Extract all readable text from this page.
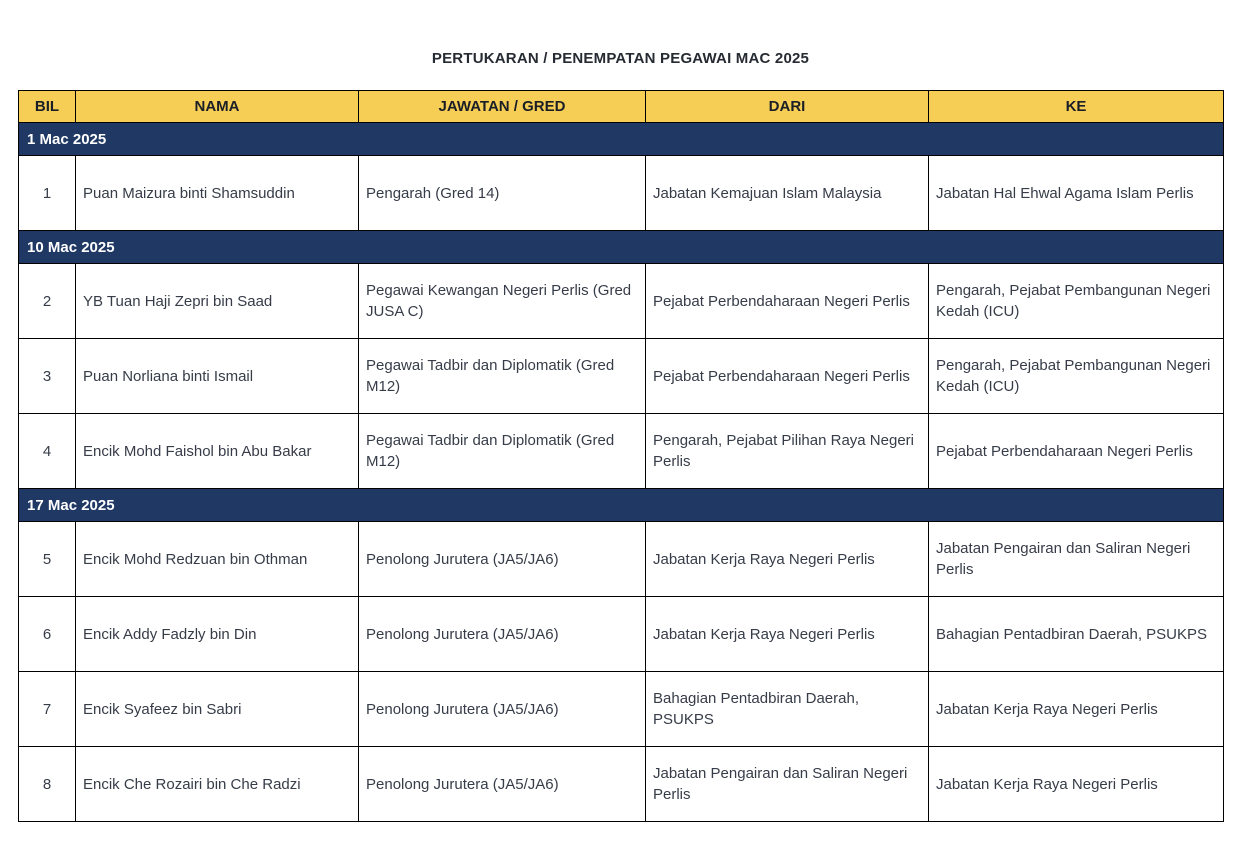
PERTUKARAN / PENEMPATAN PEGAWAI MAC 2025
BIL	NAMA	JAWATAN / GRED	DARI	KE
1 Mac 2025				
1	Puan Maizura binti Shamsuddin	Pengarah (Gred 14)	Jabatan Kemajuan Islam Malaysia	Jabatan Hal Ehwal Agama Islam Perlis
10 Mac 2025				
2	YB Tuan Haji Zepri bin Saad	Pegawai Kewangan Negeri Perlis (Gred JUSA C)	Pejabat Perbendaharaan Negeri Perlis	Pengarah, Pejabat Pembangunan Negeri Kedah (ICU)
3	Puan Norliana binti Ismail	Pegawai Tadbir dan Diplomatik (Gred M12)	Pejabat Perbendaharaan Negeri Perlis	Pengarah, Pejabat Pembangunan Negeri Kedah (ICU)
4	Encik Mohd Faishol bin Abu Bakar	Pegawai Tadbir dan Diplomatik (Gred M12)	Pengarah, Pejabat Pilihan Raya Negeri Perlis	Pejabat Perbendaharaan Negeri Perlis
17 Mac 2025				
5	Encik Mohd Redzuan bin Othman	Penolong Jurutera (JA5/JA6)	Jabatan Kerja Raya Negeri Perlis	Jabatan Pengairan dan Saliran Negeri Perlis
6	Encik Addy Fadzly bin Din	Penolong Jurutera (JA5/JA6)	Jabatan Kerja Raya Negeri Perlis	Bahagian Pentadbiran Daerah, PSUKPS
7	Encik Syafeez bin Sabri	Penolong Jurutera (JA5/JA6)	Bahagian Pentadbiran Daerah, PSUKPS	Jabatan Kerja Raya Negeri Perlis
8	Encik Che Rozairi bin Che Radzi	Penolong Jurutera (JA5/JA6)	Jabatan Pengairan dan Saliran Negeri Perlis	Jabatan Kerja Raya Negeri Perlis
